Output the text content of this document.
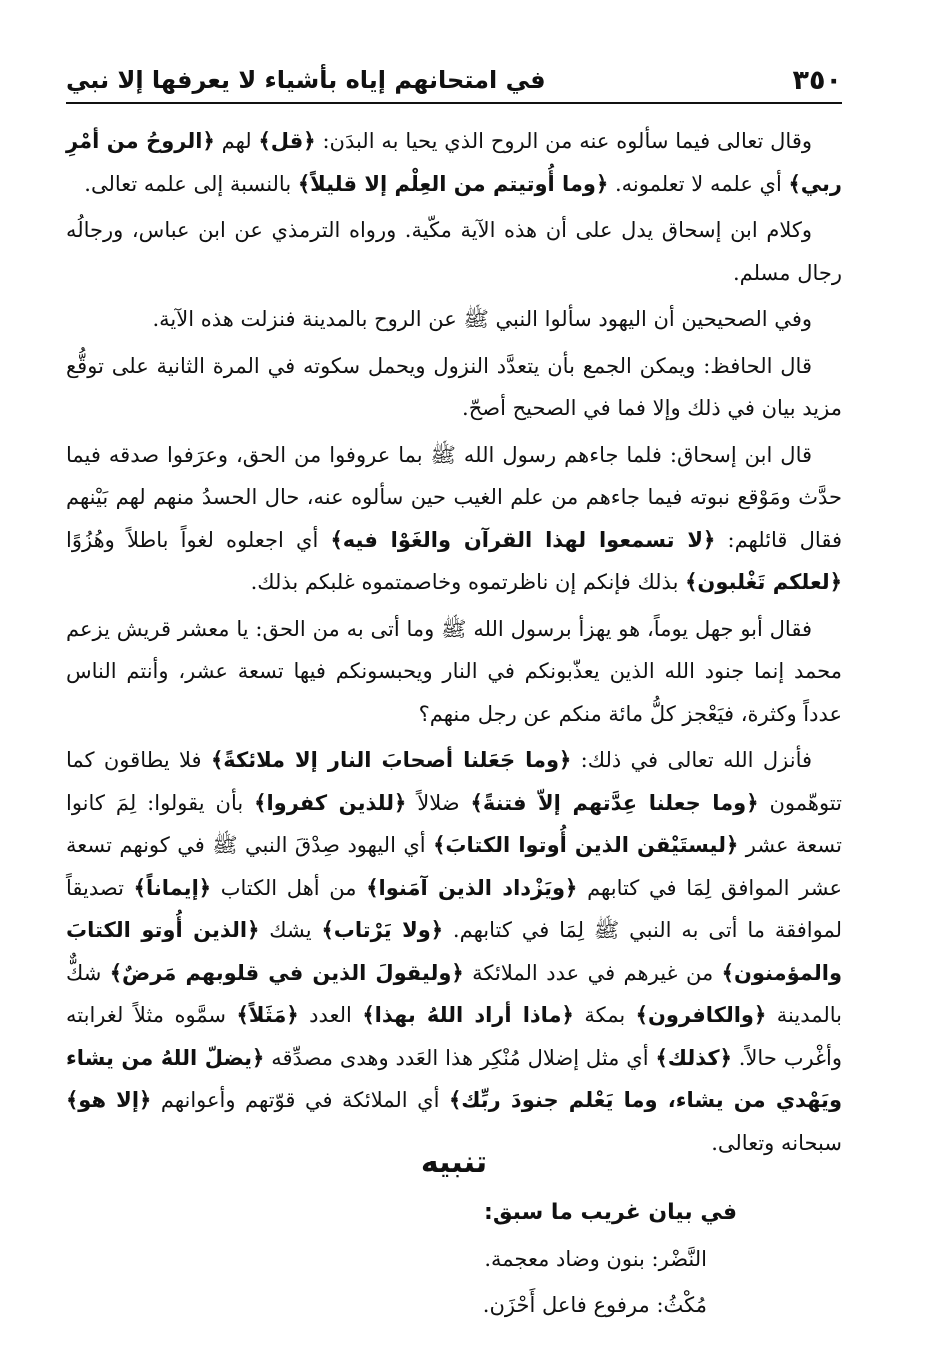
٣٥٠
في امتحانهم إياه بأشياء لا يعرفها إلا نبي

وقال تعالى فيما سألوه عنه من الروح الذي يحيا به البدَن: ﴿قل﴾ لهم ﴿الروحُ من أمْرِ ربي﴾ أي علمه لا تعلمونه. ﴿وما أُوتيتم من العِلْم إلا قليلاً﴾ بالنسبة إلى علمه تعالى.

وكلام ابن إسحاق يدل على أن هذه الآية مكّية. ورواه الترمذي عن ابن عباس، ورجالُه رجال مسلم.

وفي الصحيحين أن اليهود سألوا النبي ﷺ عن الروح بالمدينة فنزلت هذه الآية.

قال الحافظ: ويمكن الجمع بأن يتعدَّد النزول ويحمل سكوته في المرة الثانية على توقُّع مزيد بيان في ذلك وإلا فما في الصحيح أصحّ.

قال ابن إسحاق: فلما جاءهم رسول الله ﷺ بما عروفوا من الحق، وعرَفوا صدقه فيما حدَّث ومَوْقع نبوته فيما جاءهم من علم الغيب حين سألوه عنه، حال الحسدُ منهم لهم بَيْنهم فقال قائلهم: ﴿لا تسمعوا لهذا القرآن والغَوْا فيه﴾ أي اجعلوه لغواً باطلاً وهُزُوًا ﴿لعلكم تَغْلبون﴾ بذلك فإنكم إن ناظرتموه وخاصمتموه غلبكم بذلك.

فقال أبو جهل يوماً، هو يهزأ برسول الله ﷺ وما أتى به من الحق: يا معشر قريش يزعم محمد إنما جنود الله الذين يعذّبونكم في النار ويحبسونكم فيها تسعة عشر، وأنتم الناس عدداً وكثرة، فيَعْجز كلُّ مائة منكم عن رجل منهم؟

فأنزل الله تعالى في ذلك: ﴿وما جَعَلنا أصحابَ النار إلا ملائكةً﴾ فلا يطاقون كما تتوهّمون ﴿وما جعلنا عِدَّتهم إلاّ فتنةً﴾ ضلالاً ﴿للذين كفروا﴾ بأن يقولوا: لِمَ كانوا تسعة عشر ﴿ليستَيْقن الذين أُوتوا الكتابَ﴾ أي اليهود صِدْقَ النبي ﷺ في كونهم تسعة عشر الموافق لِمَا في كتابهم ﴿ويَزْداد الذين آمَنوا﴾ من أهل الكتاب ﴿إيماناً﴾ تصديقاً لموافقة ما أتى به النبي ﷺ لِمَا في كتابهم. ﴿ولا يَرْتاب﴾ يشك ﴿الذين أُوتو الكتابَ والمؤمنون﴾ من غيرهم في عدد الملائكة ﴿وليقولَ الذين في قلوبهم مَرضٌ﴾ شكٌّ بالمدينة ﴿والكافرون﴾ بمكة ﴿ماذا أراد اللهُ بهذا﴾ العدد ﴿مَثَلاً﴾ سمَّوه مثلاً لغرابته وأغْرب حالاً. ﴿كذلك﴾ أي مثل إضلال مُنْكِر هذا العَدد وهدى مصدِّقه ﴿يضلّ اللهُ من يشاء ويَهْدي من يشاء، وما يَعْلم جنودَ ربِّك﴾ أي الملائكة في قوّتهم وأعوانهم ﴿إلا هو﴾ سبحانه وتعالى.

تنبيه
في بيان غريب ما سبق:
النَّضْر: بنون وضاد معجمة.
مُكْثُ: مرفوع فاعل أَحْزَن.
